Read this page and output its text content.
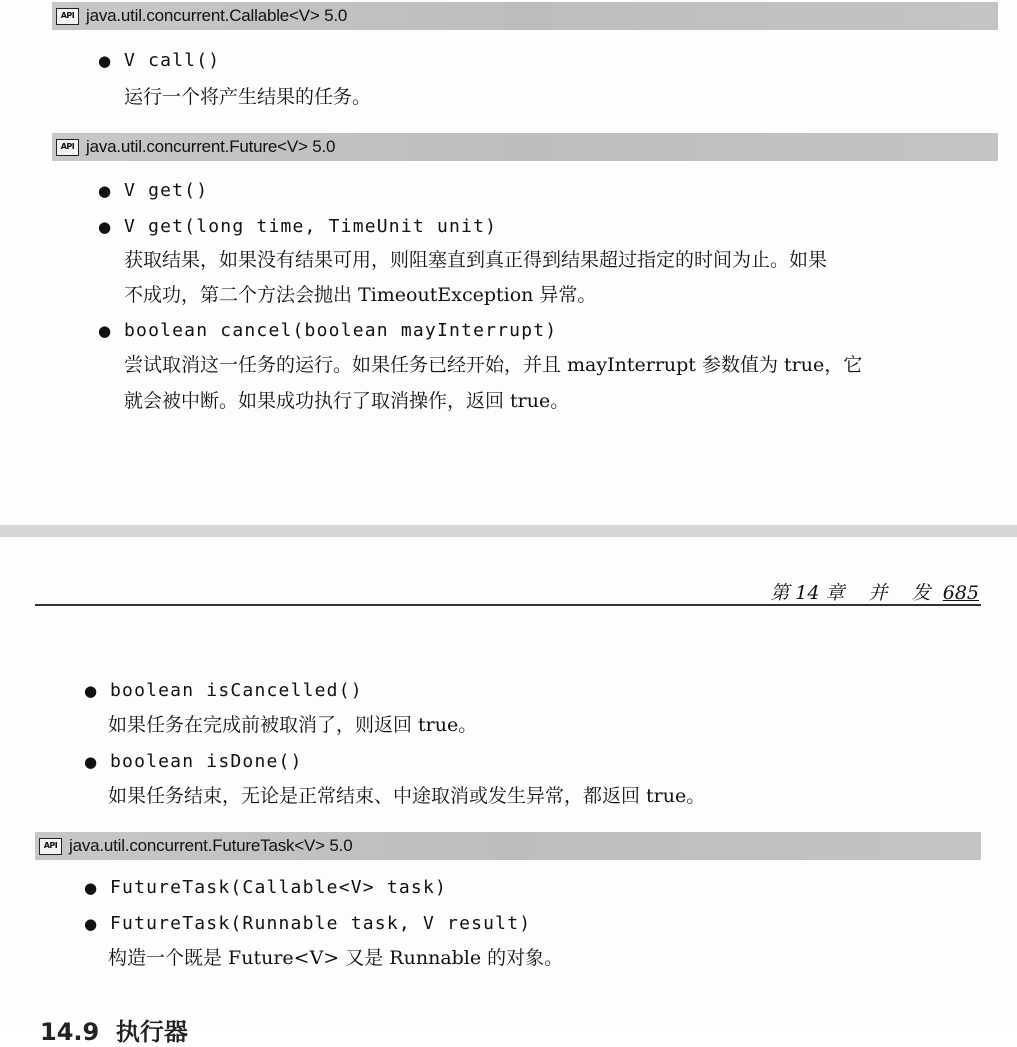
API java.util.concurrent.Callable<V> 5.0
● V call()
运行一个将产生结果的任务。
API java.util.concurrent.Future<V> 5.0
● V get()
● V get(long time, TimeUnit unit)
获取结果，如果没有结果可用，则阻塞直到真正得到结果超过指定的时间为止。如果
不成功，第二个方法会抛出 TimeoutException 异常。
● boolean cancel(boolean mayInterrupt)
尝试取消这一任务的运行。如果任务已经开始，并且 mayInterrupt 参数值为 true，它
就会被中断。如果成功执行了取消操作，返回 true。
第 14 章 并    发 685
● boolean isCancelled()
如果任务在完成前被取消了，则返回 true。
● boolean isDone()
如果任务结束，无论是正常结束、中途取消或发生异常，都返回 true。
API java.util.concurrent.FutureTask<V> 5.0
● FutureTask(Callable<V> task)
● FutureTask(Runnable task, V result)
构造一个既是 Future<V> 又是 Runnable 的对象。
14.9  执行器
